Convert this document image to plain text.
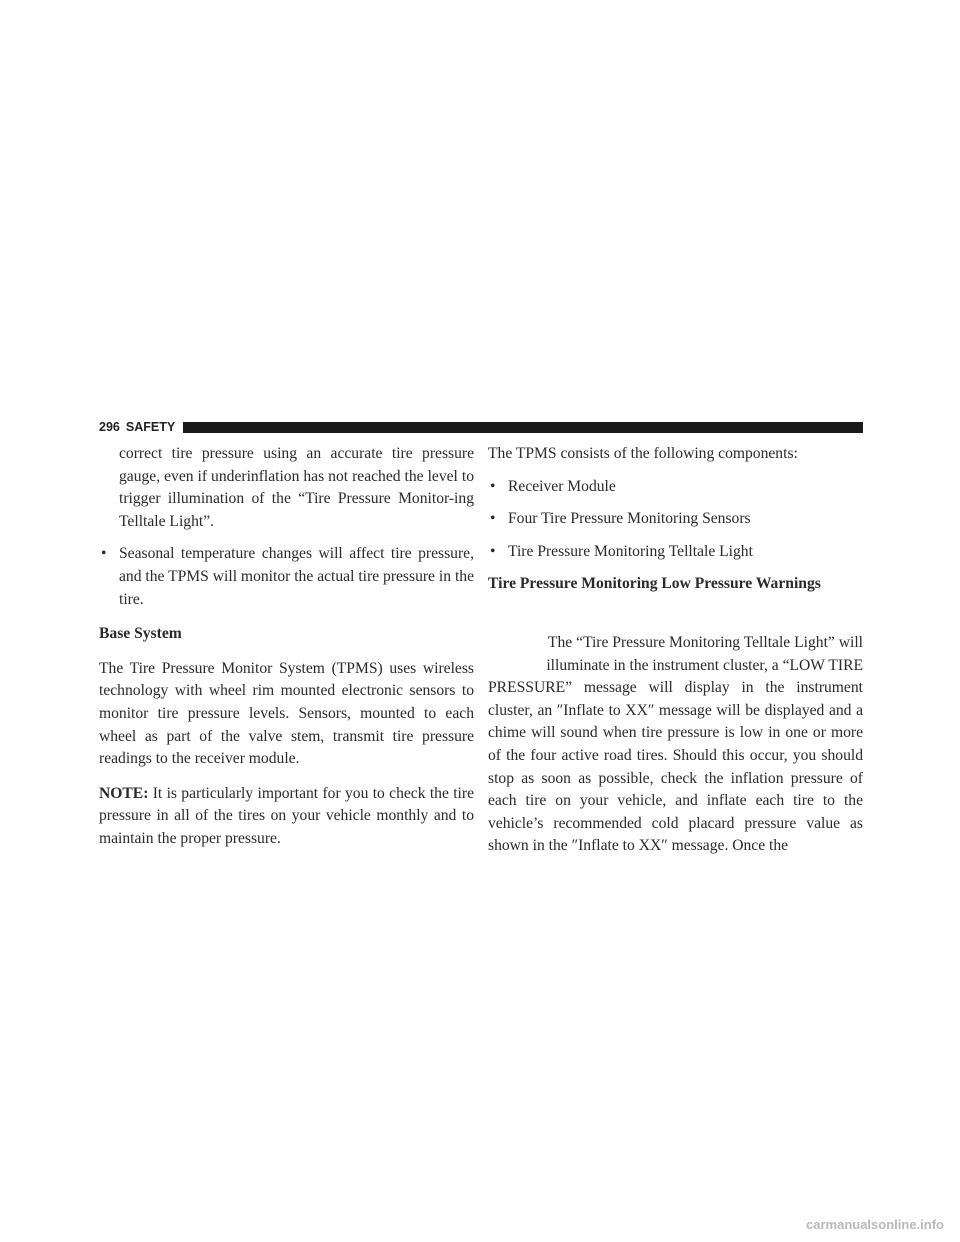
296 SAFETY

correct tire pressure using an accurate tire pressure gauge, even if underinflation has not reached the level to trigger illumination of the “Tire Pressure Monitor-ing Telltale Light”.

• Seasonal temperature changes will affect tire pressure, and the TPMS will monitor the actual tire pressure in the tire.

Base System

The Tire Pressure Monitor System (TPMS) uses wireless technology with wheel rim mounted electronic sensors to monitor tire pressure levels. Sensors, mounted to each wheel as part of the valve stem, transmit tire pressure readings to the receiver module.

NOTE: It is particularly important for you to check the tire pressure in all of the tires on your vehicle monthly and to maintain the proper pressure.

The TPMS consists of the following components:

• Receiver Module

• Four Tire Pressure Monitoring Sensors

• Tire Pressure Monitoring Telltale Light

Tire Pressure Monitoring Low Pressure Warnings

The “Tire Pressure Monitoring Telltale Light” will

illuminate in the instrument cluster, a “LOW TIRE

PRESSURE” message will display in the instrument cluster, an ″Inflate to XX″ message will be displayed and a chime will sound when tire pressure is low in one or more of the four active road tires. Should this occur, you should stop as soon as possible, check the inflation pressure of each tire on your vehicle, and inflate each tire to the vehicle’s recommended cold placard pressure value as shown in the ″Inflate to XX″ message. Once the

carmanualsonline.info
